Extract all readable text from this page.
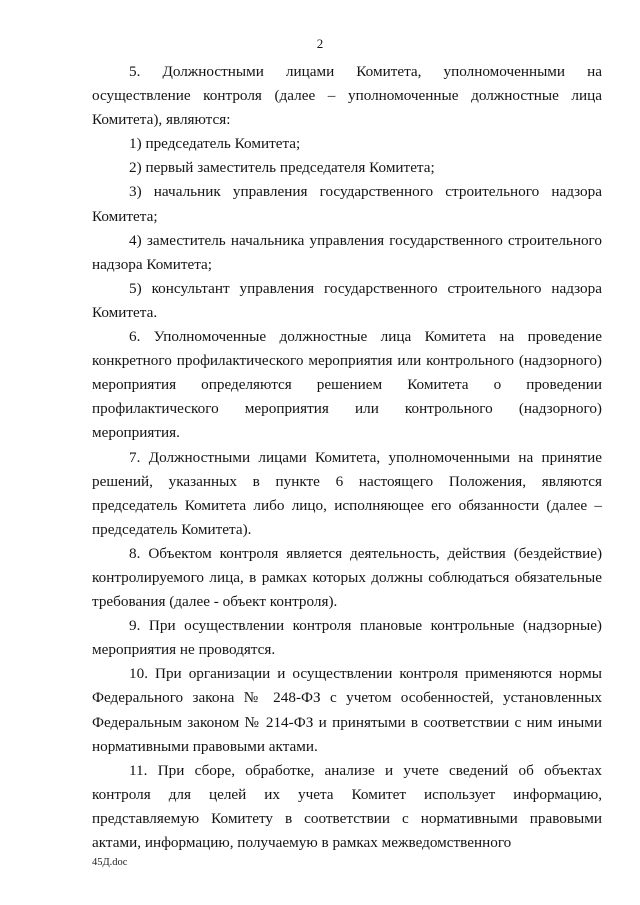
2

5. Должностными лицами Комитета, уполномоченными на осуществление контроля (далее – уполномоченные должностные лица Комитета), являются:

1) председатель Комитета;

2) первый заместитель председателя Комитета;

3) начальник управления государственного строительного надзора Комитета;

4) заместитель начальника управления государственного строительного надзора Комитета;

5) консультант управления государственного строительного надзора Комитета.

6. Уполномоченные должностные лица Комитета на проведение конкретного профилактического мероприятия или контрольного (надзорного) мероприятия определяются решением Комитета о проведении профилактического мероприятия или контрольного (надзорного) мероприятия.

7. Должностными лицами Комитета, уполномоченными на принятие решений, указанных в пункте 6 настоящего Положения, являются председатель Комитета либо лицо, исполняющее его обязанности (далее – председатель Комитета).

8. Объектом контроля является деятельность, действия (бездействие) контролируемого лица, в рамках которых должны соблюдаться обязательные требования (далее - объект контроля).

9. При осуществлении контроля плановые контрольные (надзорные) мероприятия не проводятся.

10. При организации и осуществлении контроля применяются нормы Федерального закона № 248-ФЗ с учетом особенностей, установленных Федеральным законом № 214-ФЗ и принятыми в соответствии с ним иными нормативными правовыми актами.

11. При сборе, обработке, анализе и учете сведений об объектах контроля для целей их учета Комитет использует информацию, представляемую Комитету в соответствии с нормативными правовыми актами, информацию, получаемую в рамках межведомственного

45Д.doc
